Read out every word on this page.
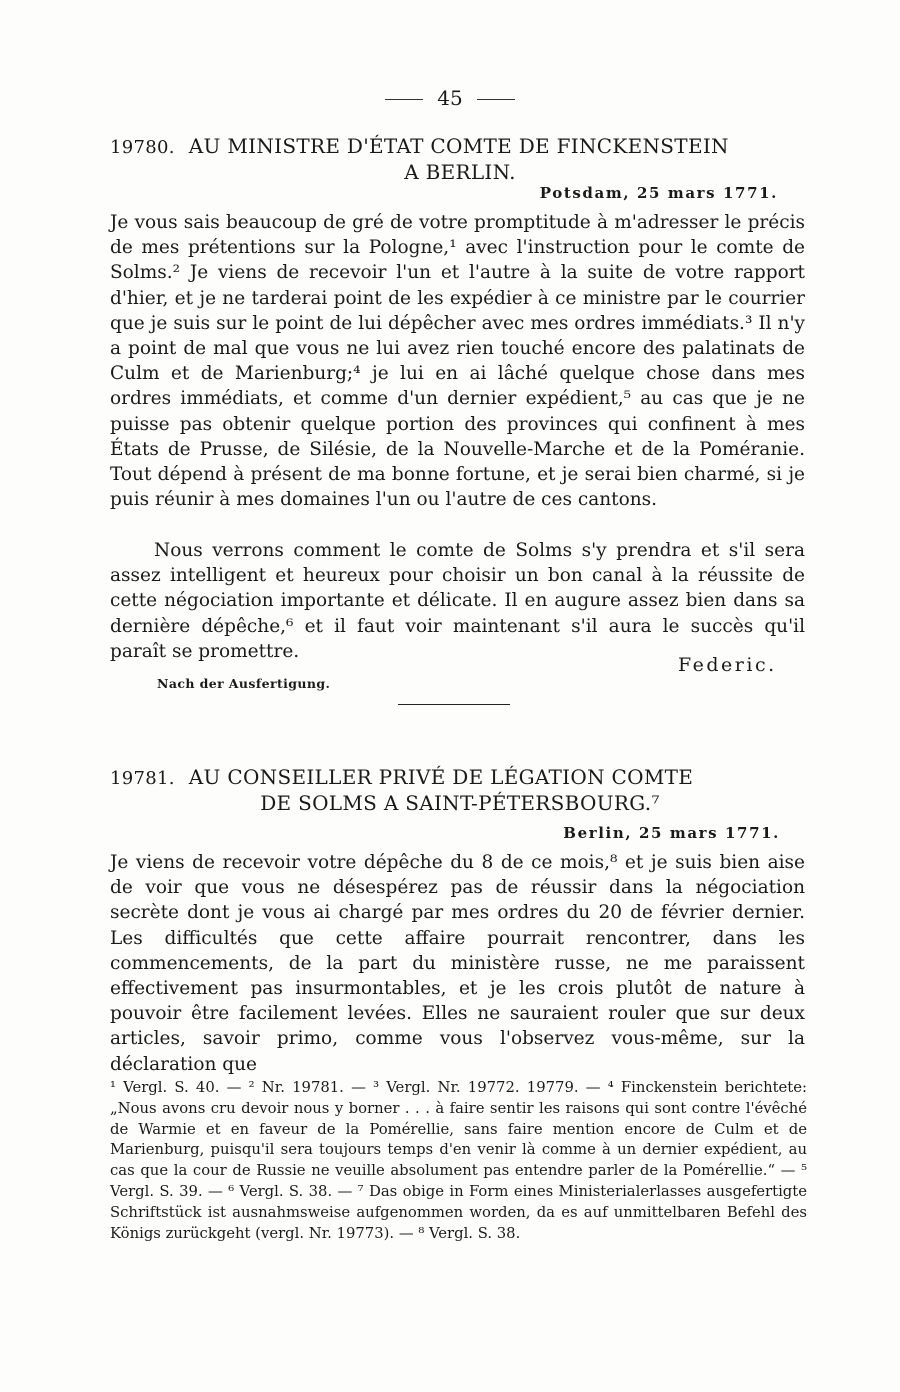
45
19780. AU MINISTRE D'ÉTAT COMTE DE FINCKENSTEIN
A BERLIN.
Potsdam, 25 mars 1771.

Je vous sais beaucoup de gré de votre promptitude à m'adresser le précis de mes prétentions sur la Pologne,¹ avec l'instruction pour le comte de Solms.² Je viens de recevoir l'un et l'autre à la suite de votre rapport d'hier, et je ne tarderai point de les expédier à ce ministre par le courrier que je suis sur le point de lui dépêcher avec mes ordres immédiats.³ Il n'y a point de mal que vous ne lui avez rien touché encore des palatinats de Culm et de Marienburg;⁴ je lui en ai lâché quelque chose dans mes ordres immédiats, et comme d'un dernier expédient,⁵ au cas que je ne puisse pas obtenir quelque portion des provinces qui confinent à mes États de Prusse, de Silésie, de la Nouvelle-Marche et de la Poméranie. Tout dépend à présent de ma bonne fortune, et je serai bien charmé, si je puis réunir à mes domaines l'un ou l'autre de ces cantons.

Nous verrons comment le comte de Solms s'y prendra et s'il sera assez intelligent et heureux pour choisir un bon canal à la réussite de cette négociation importante et délicate. Il en augure assez bien dans sa dernière dépêche,⁶ et il faut voir maintenant s'il aura le succès qu'il paraît se promettre.

Federic.
Nach der Ausfertigung.
19781. AU CONSEILLER PRIVÉ DE LÉGATION COMTE
DE SOLMS A SAINT-PÉTERSBOURG.⁷
Berlin, 25 mars 1771.

Je viens de recevoir votre dépêche du 8 de ce mois,⁸ et je suis bien aise de voir que vous ne désespérez pas de réussir dans la négociation secrète dont je vous ai chargé par mes ordres du 20 de février dernier. Les difficultés que cette affaire pourrait rencontrer, dans les commencements, de la part du ministère russe, ne me paraissent effectivement pas insurmontables, et je les crois plutôt de nature à pouvoir être facilement levées. Elles ne sauraient rouler que sur deux articles, savoir primo, comme vous l'observez vous-même, sur la déclaration que

¹ Vergl. S. 40. — ² Nr. 19781. — ³ Vergl. Nr. 19772. 19779. — ⁴ Finckenstein berichtete: „Nous avons cru devoir nous y borner . . . à faire sentir les raisons qui sont contre l'évêché de Warmie et en faveur de la Pomérellie, sans faire mention encore de Culm et de Marienburg, puisqu'il sera toujours temps d'en venir là comme à un dernier expédient, au cas que la cour de Russie ne veuille absolument pas entendre parler de la Pomérellie.“ — ⁵ Vergl. S. 39. — ⁶ Vergl. S. 38. — ⁷ Das obige in Form eines Ministerialerlasses ausgefertigte Schriftstück ist ausnahmsweise aufgenommen worden, da es auf unmittelbaren Befehl des Königs zurückgeht (vergl. Nr. 19773). — ⁸ Vergl. S. 38.
